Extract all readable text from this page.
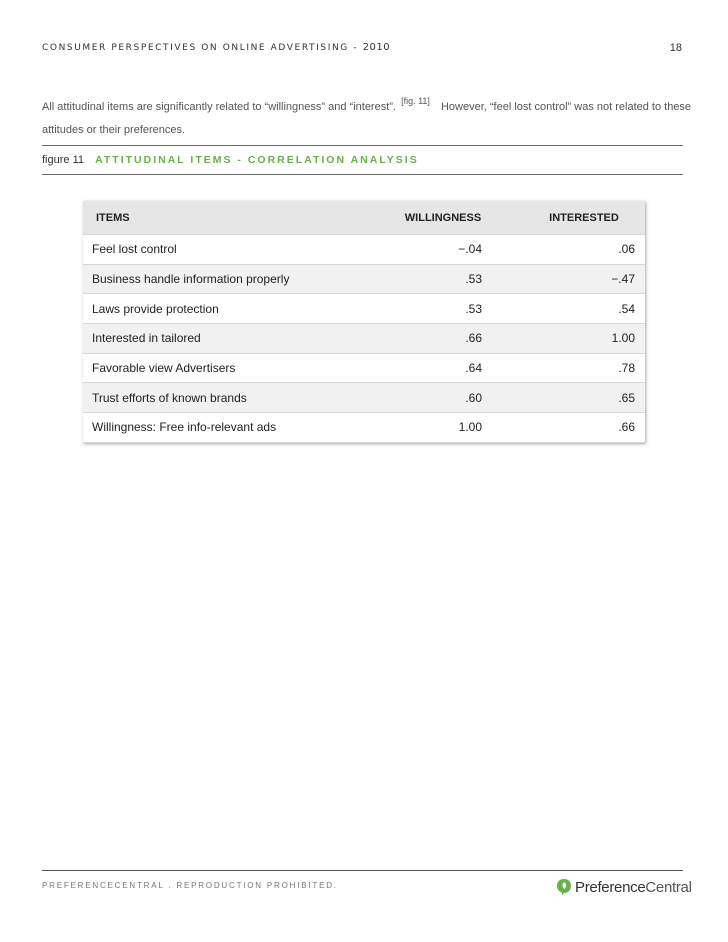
CONSUMER PERSPECTIVES ON ONLINE ADVERTISING - 2010	18
All attitudinal items are significantly related to “willingness” and “interest”. [fig. 11] However, “feel lost control” was not related to these attitudes or their preferences.
figure 11 ATTITUDINAL ITEMS - CORRELATION ANALYSIS
ITEMS	WILLINGNESS	INTERESTED
Feel lost control	−.04	.06
Business handle information properly	.53	−.47
Laws provide protection	.53	.54
Interested in tailored	.66	1.00
Favorable view Advertisers	.64	.78
Trust efforts of known brands	.60	.65
Willingness: Free info-relevant ads	1.00	.66
PREFERENCECENTRAL . REPRODUCTION PROHIBITED.	PreferenceCentral
